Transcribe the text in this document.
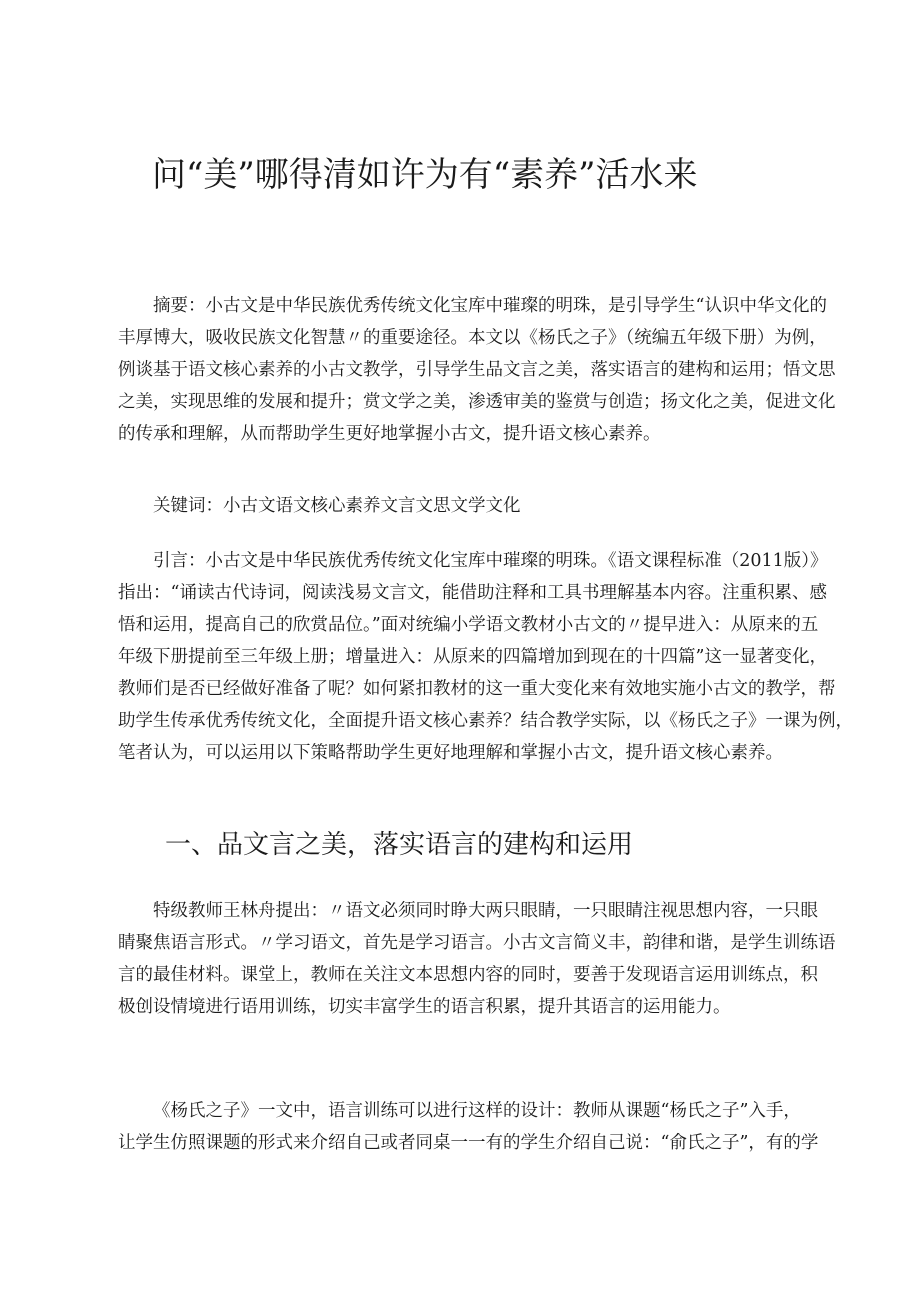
问“美”哪得清如许为有“素养”活水来
摘要：小古文是中华民族优秀传统文化宝库中璀璨的明珠，是引导学生“认识中华文化的
丰厚博大，吸收民族文化智慧〃的重要途径。本文以《杨氏之子》（统编五年级下册）为例，
例谈基于语文核心素养的小古文教学，引导学生品文言之美，落实语言的建构和运用；悟文思
之美，实现思维的发展和提升；赏文学之美，渗透审美的鉴赏与创造；扬文化之美，促进文化
的传承和理解，从而帮助学生更好地掌握小古文，提升语文核心素养。
关键词：小古文语文核心素养文言文思文学文化
引言：小古文是中华民族优秀传统文化宝库中璀璨的明珠。《语文课程标准（2011版）》
指出：“诵读古代诗词，阅读浅易文言文，能借助注释和工具书理解基本内容。注重积累、感
悟和运用，提高自己的欣赏品位。”面对统编小学语文教材小古文的〃提早进入：从原来的五
年级下册提前至三年级上册；增量进入：从原来的四篇增加到现在的十四篇”这一显著变化，
教师们是否已经做好准备了呢？如何紧扣教材的这一重大变化来有效地实施小古文的教学，帮
助学生传承优秀传统文化，全面提升语文核心素养？结合教学实际，以《杨氏之子》一课为例，
笔者认为，可以运用以下策略帮助学生更好地理解和掌握小古文，提升语文核心素养。
一、品文言之美，落实语言的建构和运用
特级教师王林舟提出：〃语文必须同时睁大两只眼睛，一只眼睛注视思想内容，一只眼
睛聚焦语言形式。〃学习语文，首先是学习语言。小古文言简义丰，韵律和谐，是学生训练语
言的最佳材料。课堂上，教师在关注文本思想内容的同时，要善于发现语言运用训练点，积
极创设情境进行语用训练，切实丰富学生的语言积累，提升其语言的运用能力。
《杨氏之子》一文中，语言训练可以进行这样的设计：教师从课题“杨氏之子”入手，
让学生仿照课题的形式来介绍自己或者同桌一一有的学生介绍自己说：“俞氏之子”，有的学
